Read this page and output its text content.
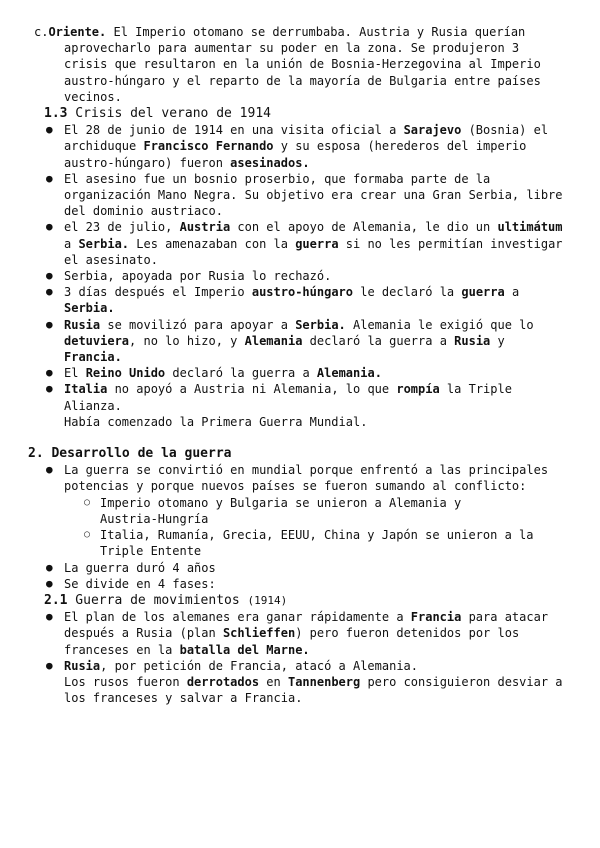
c.Oriente. El Imperio otomano se derrumbaba. Austria y Rusia querían
aprovecharlo para aumentar su poder en la zona. Se produjeron 3
crisis que resultaron en la unión de Bosnia-Herzegovina al Imperio
austro-húngaro y el reparto de la mayoría de Bulgaria entre países
vecinos.
1.3 Crisis del verano de 1914
● El 28 de junio de 1914 en una visita oficial a Sarajevo (Bosnia) el
archiduque Francisco Fernando y su esposa (herederos del imperio
austro-húngaro) fueron asesinados.
● El asesino fue un bosnio proserbio, que formaba parte de la
organización Mano Negra. Su objetivo era crear una Gran Serbia, libre
del dominio austriaco.
● el 23 de julio, Austria con el apoyo de Alemania, le dio un ultimátum
a Serbia. Les amenazaban con la guerra si no les permitían investigar
el asesinato.
● Serbia, apoyada por Rusia lo rechazó.
● 3 días después el Imperio austro-húngaro le declaró la guerra a
Serbia.
● Rusia se movilizó para apoyar a Serbia. Alemania le exigió que lo
detuviera, no lo hizo, y Alemania declaró la guerra a Rusia y
Francia.
● El Reino Unido declaró la guerra a Alemania.
● Italia no apoyó a Austria ni Alemania, lo que rompía la Triple
Alianza.
Había comenzado la Primera Guerra Mundial.
2. Desarrollo de la guerra
● La guerra se convirtió en mundial porque enfrentó a las principales
potencias y porque nuevos países se fueron sumando al conflicto:
○ Imperio otomano y Bulgaria se unieron a Alemania y
Austria-Hungría
○ Italia, Rumanía, Grecia, EEUU, China y Japón se unieron a la
Triple Entente
● La guerra duró 4 años
● Se divide en 4 fases:
2.1 Guerra de movimientos (1914)
● El plan de los alemanes era ganar rápidamente a Francia para atacar
después a Rusia (plan Schlieffen) pero fueron detenidos por los
franceses en la batalla del Marne.
● Rusia, por petición de Francia, atacó a Alemania.
Los rusos fueron derrotados en Tannenberg pero consiguieron desviar a
los franceses y salvar a Francia.
